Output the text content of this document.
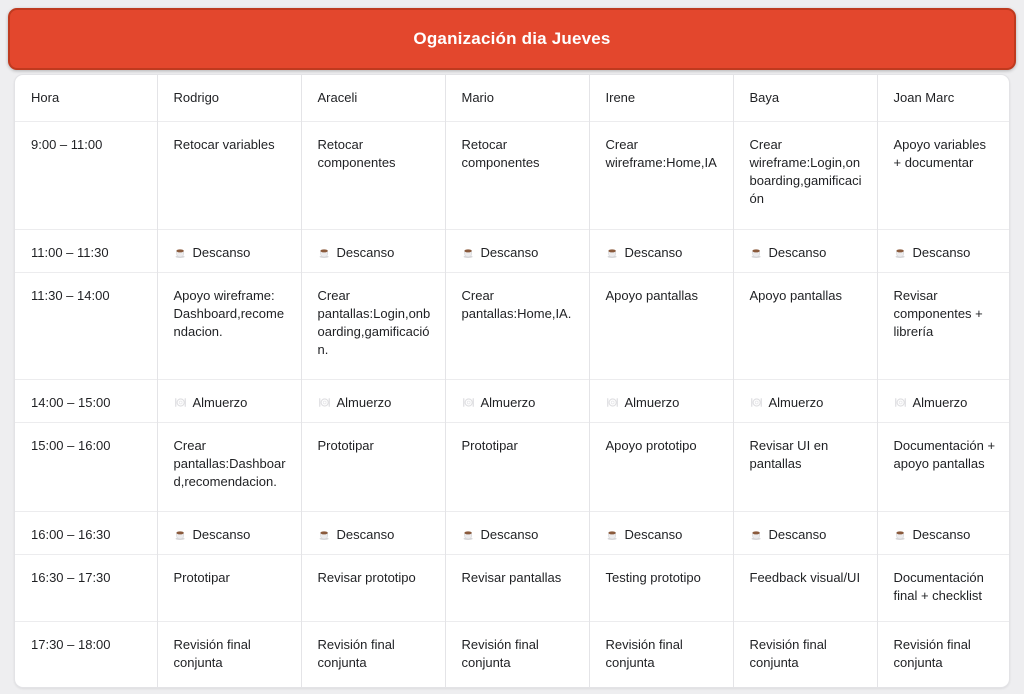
Oganización dia Jueves
Hora	Rodrigo	Araceli	Mario	Irene	Baya	Joan Marc
9:00 – 11:00	Retocar variables	Retocar componentes	Retocar componentes	Crear wireframe:Home,IA	Crear wireframe:Login,onboarding,gamificación	Apoyo variables + documentar
11:00 – 11:30	Descanso	Descanso	Descanso	Descanso	Descanso	Descanso
11:30 – 14:00	Apoyo wireframe: Dashboard,recomendacion.	Crear pantallas:Login,onboarding,gamificación.	Crear pantallas:Home,IA.	Apoyo pantallas	Apoyo pantallas	Revisar componentes + librería
14:00 – 15:00	Almuerzo	Almuerzo	Almuerzo	Almuerzo	Almuerzo	Almuerzo
15:00 – 16:00	Crear pantallas:Dashboard,recomendacion.	Prototipar	Prototipar	Apoyo prototipo	Revisar UI en pantallas	Documentación + apoyo pantallas
16:00 – 16:30	Descanso	Descanso	Descanso	Descanso	Descanso	Descanso
16:30 – 17:30	Prototipar	Revisar prototipo	Revisar pantallas	Testing prototipo	Feedback visual/UI	Documentación final + checklist
17:30 – 18:00	Revisión final conjunta	Revisión final conjunta	Revisión final conjunta	Revisión final conjunta	Revisión final conjunta	Revisión final conjunta
